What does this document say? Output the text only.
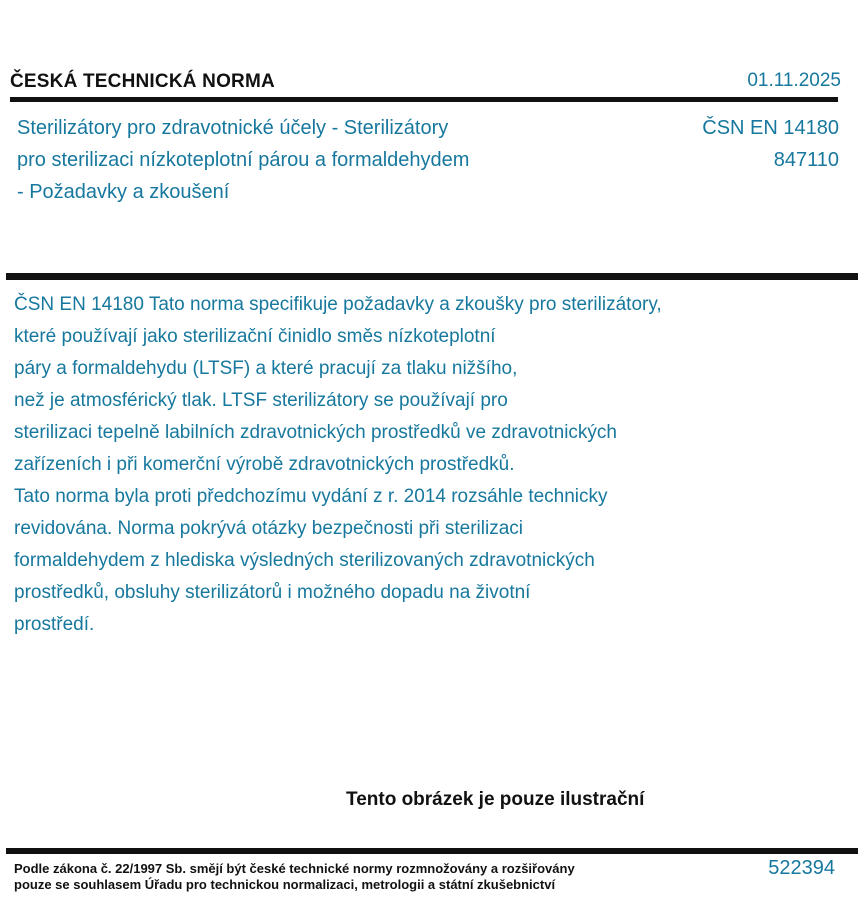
ČESKÁ TECHNICKÁ NORMA	01.11.2025
Sterilizátory pro zdravotnické účely - Sterilizátory
pro sterilizaci nízkoteplotní párou a formaldehydem
- Požadavky a zkoušení
ČSN EN 14180
847110
ČSN EN 14180 Tato norma specifikuje požadavky a zkoušky pro sterilizátory,
které používají jako sterilizační činidlo směs nízkoteplotní
páry a formaldehydu (LTSF) a které pracují za tlaku nižšího,
než je atmosférický tlak. LTSF sterilizátory se používají pro
sterilizaci tepelně labilních zdravotnických prostředků ve zdravotnických
zařízeních i při komerční výrobě zdravotnických prostředků.
Tato norma byla proti předchozímu vydání z r. 2014 rozsáhle technicky
revidována. Norma pokrývá otázky bezpečnosti při sterilizaci
formaldehydem z hlediska výsledných sterilizovaných zdravotnických
prostředků, obsluhy sterilizátorů i možného dopadu na životní
prostředí.
Tento obrázek je pouze ilustrační
Podle zákona č. 22/1997 Sb. smějí být české technické normy rozmnožovány a rozšiřovány
pouze se souhlasem Úřadu pro technickou normalizaci, metrologii a státní zkušebnictví
522394
